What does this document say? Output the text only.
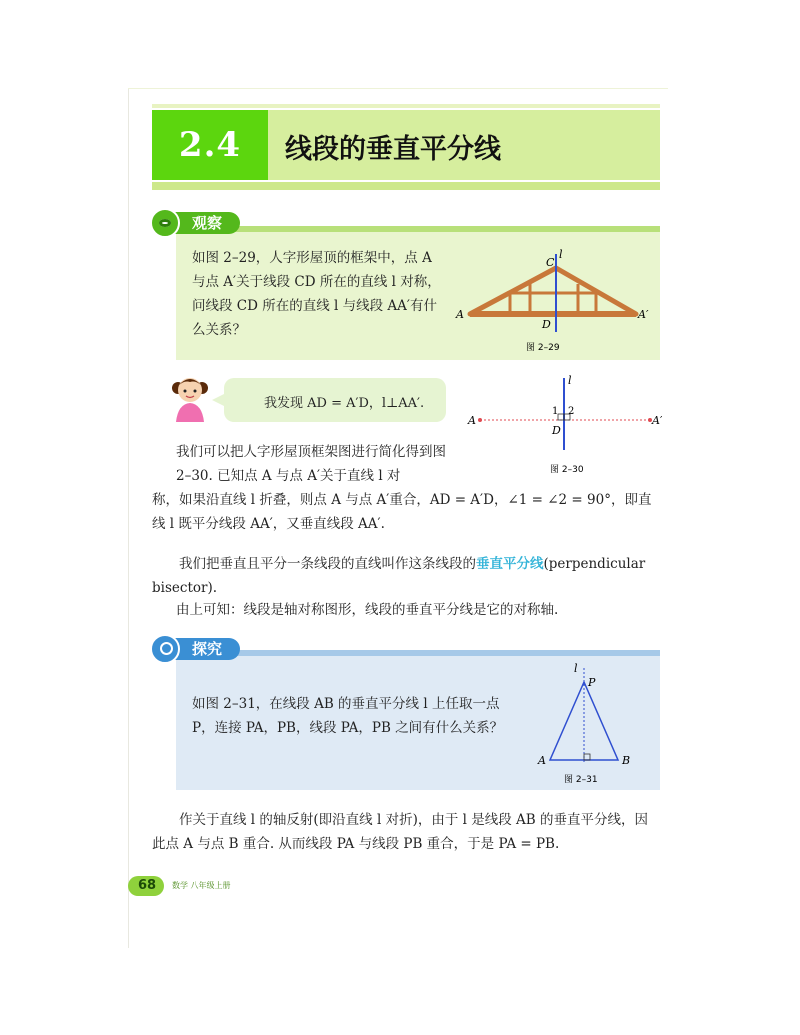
2.4	线段的垂直平分线
观察
如图 2–29，人字形屋顶的框架中，点 A 与点 A′关于线段 CD 所在的直线 l 对称，问线段 CD 所在的直线 l 与线段 AA′有什么关系？
C
l
A	A′
D
图 2–29
我发现 AD = A′D，l⊥AA′.
l
1 2
D
A	A′
图 2–30
我们可以把人字形屋顶框架图进行简化得到图 2–30. 已知点 A 与点 A′关于直线 l 对
称，如果沿直线 l 折叠，则点 A 与点 A′重合，AD = A′D，∠1 = ∠2 = 90°，即直线 l 既平分线段 AA′，又垂直线段 AA′.
我们把垂直且平分一条线段的直线叫作这条线段的垂直平分线(perpendicular bisector).
由上可知：线段是轴对称图形，线段的垂直平分线是它的对称轴.
探究
如图 2–31，在线段 AB 的垂直平分线 l 上任取一点 P，连接 PA，PB，线段 PA，PB 之间有什么关系？
l
P
A	B
图 2–31
作关于直线 l 的轴反射(即沿直线 l 对折)，由于 l 是线段 AB 的垂直平分线，因此点 A 与点 B 重合. 从而线段 PA 与线段 PB 重合，于是 PA = PB.
68 数学 八年级上册
